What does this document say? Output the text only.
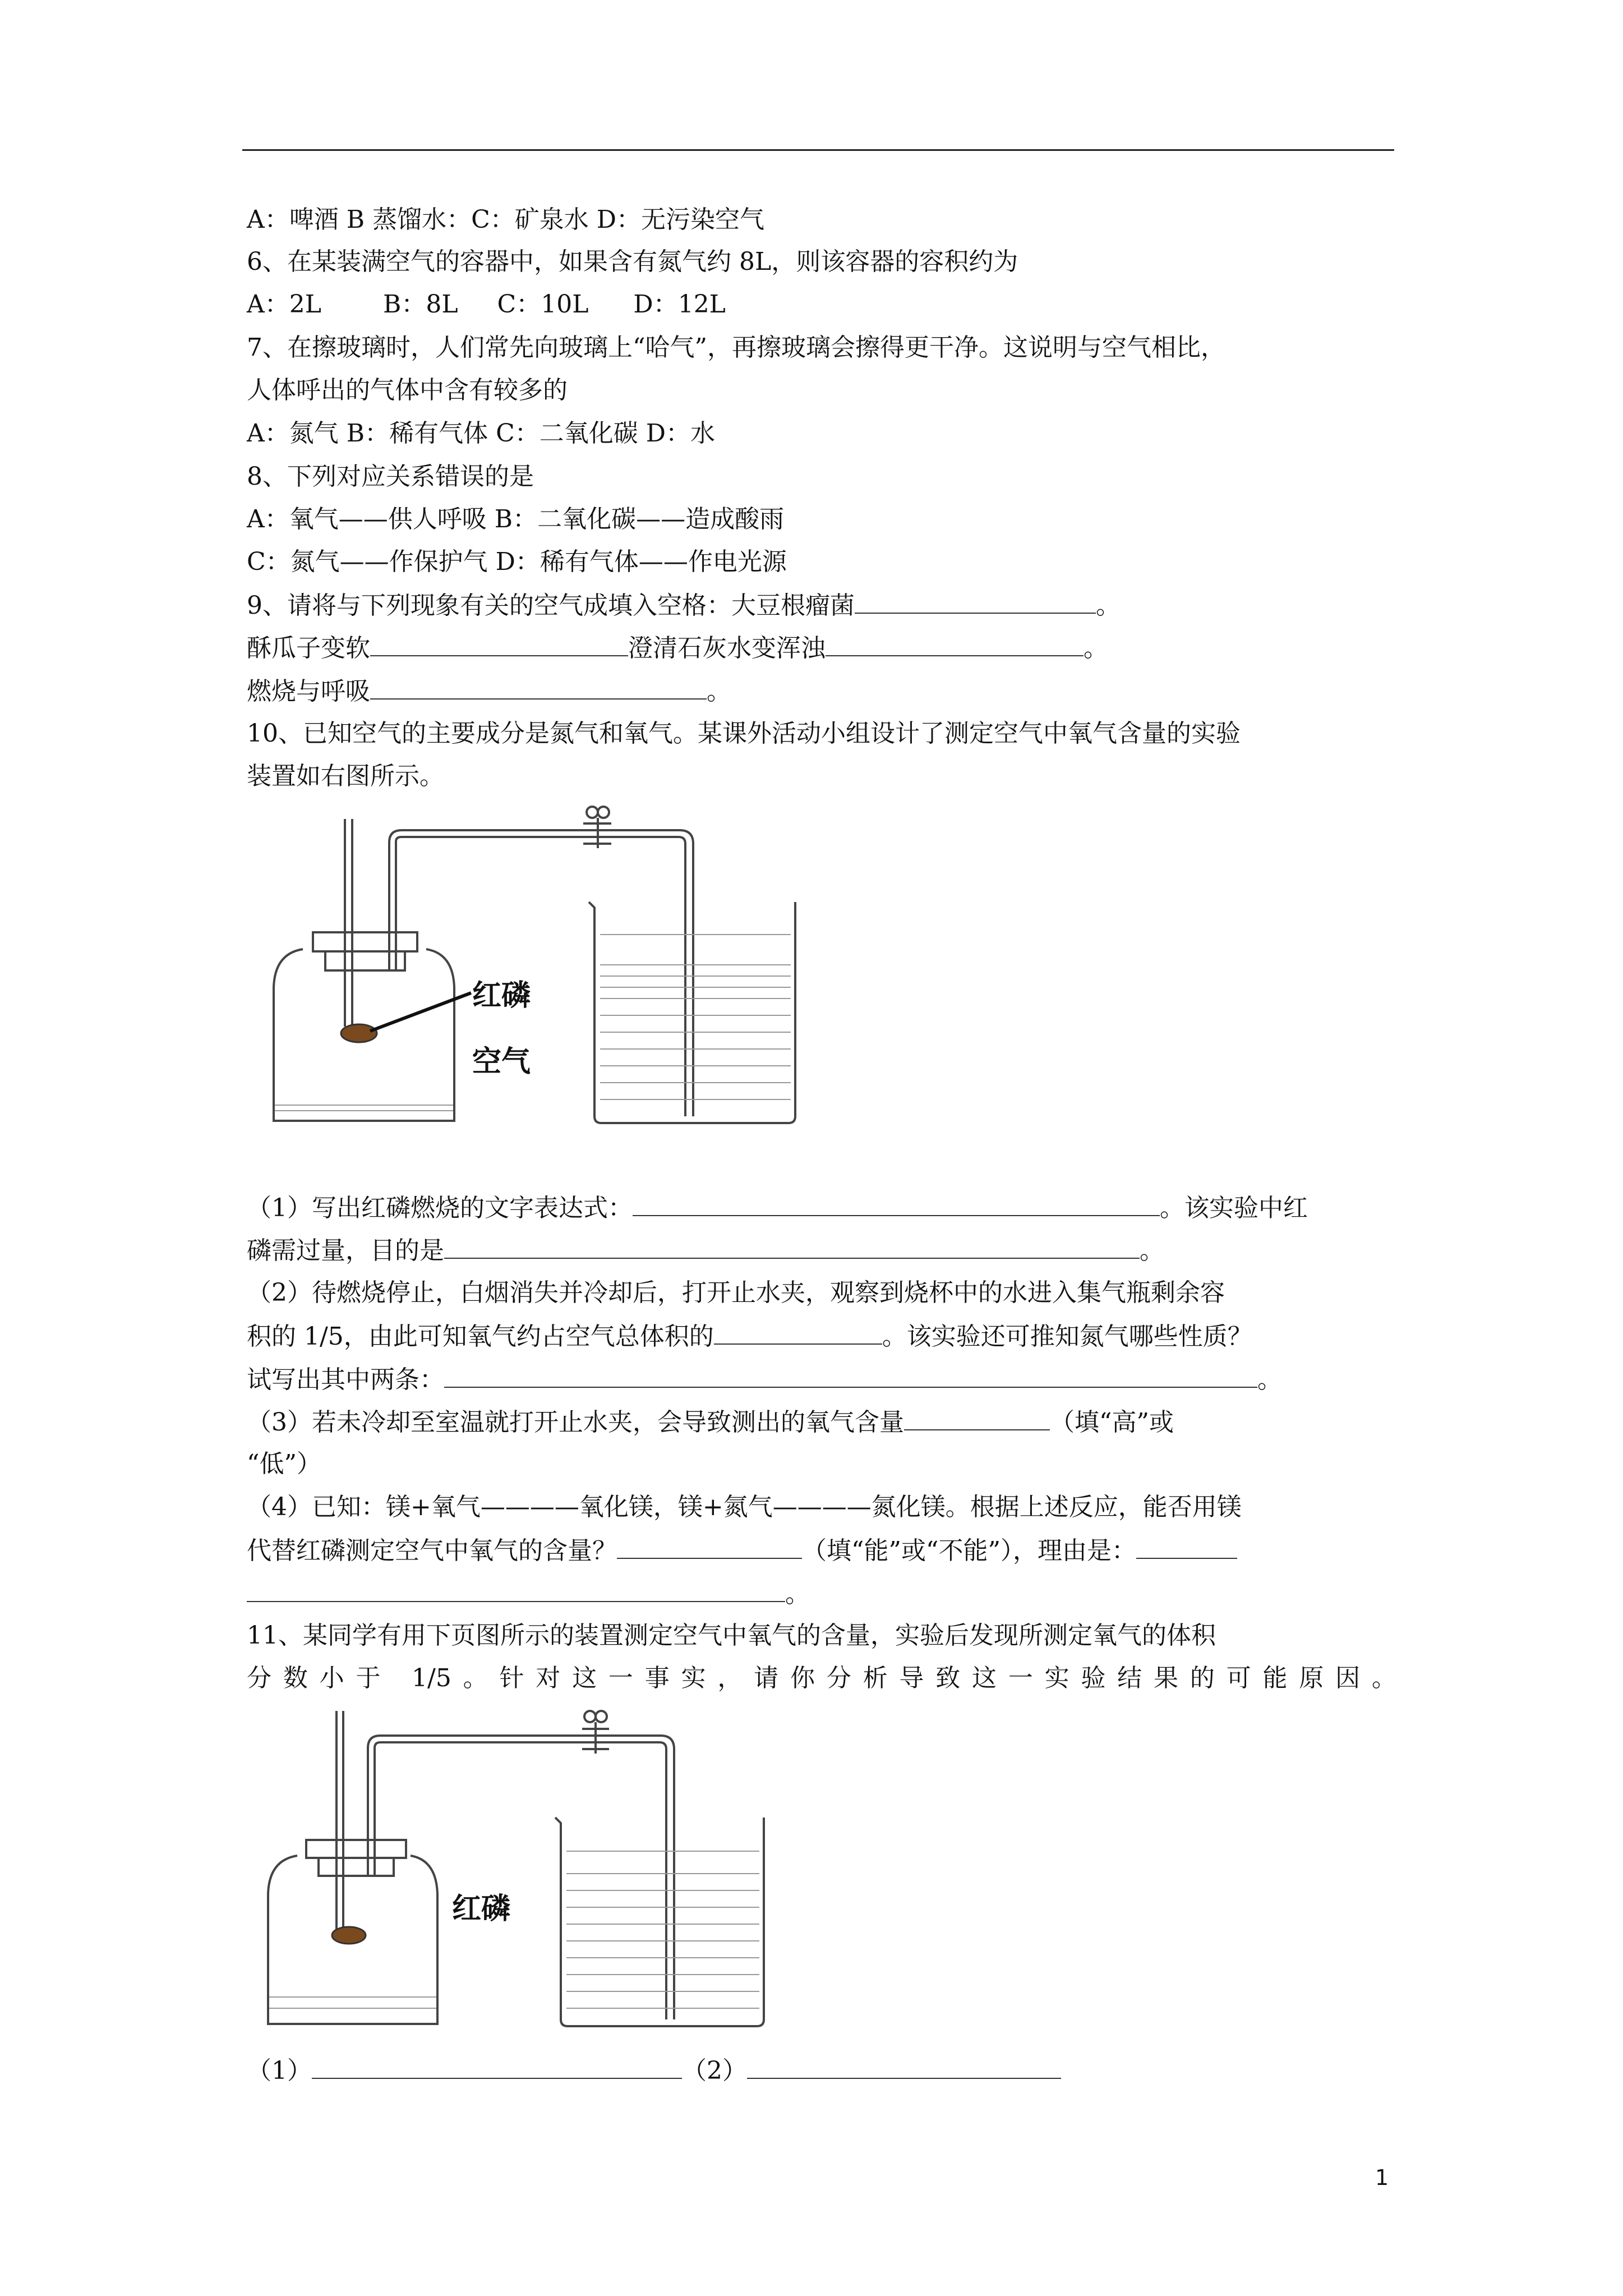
A：啤酒 B 蒸馏水：C：矿泉水 D：无污染空气
6、在某装满空气的容器中，如果含有氮气约 8L，则该容器的容积约为
A：2L	B：8L C：10L D：12L
7、在擦玻璃时，人们常先向玻璃上“哈气”，再擦玻璃会擦得更干净。这说明与空气相比，
人体呼出的气体中含有较多的
A：氮气 B：稀有气体 C：二氧化碳 D：水
8、下列对应关系错误的是
A：氧气——供人呼吸 B：二氧化碳——造成酸雨
C：氮气——作保护气 D：稀有气体——作电光源
9、请将与下列现象有关的空气成填入空格：大豆根瘤菌	。
酥瓜子变软	澄清石灰水变浑浊	。
燃烧与呼吸	。
10、已知空气的主要成分是氮气和氧气。某课外活动小组设计了测定空气中氧气含量的实验
装置如右图所示。
红磷
空气
（1）写出红磷燃烧的文字表达式：	。该实验中红
磷需过量，目的是	。
（2）待燃烧停止，白烟消失并冷却后，打开止水夹，观察到烧杯中的水进入集气瓶剩余容
积的 1/5，由此可知氧气约占空气总体积的	。该实验还可推知氮气哪些性质？
试写出其中两条：	。
（3）若未冷却至室温就打开止水夹，会导致测出的氧气含量	（填“高”或
“低”）
（4）已知：镁+氧气————氧化镁，镁+氮气————氮化镁。根据上述反应，能否用镁
代替红磷测定空气中氧气的含量？	（填“能”或“不能”），理由是：
。
11、某同学有用下页图所示的装置测定空气中氧气的含量，实验后发现所测定氧气的体积
分数小于 1/5。针对这一事实，请你分析导致这一实验结果的可能原因。
红磷
（1）	（2）
1
